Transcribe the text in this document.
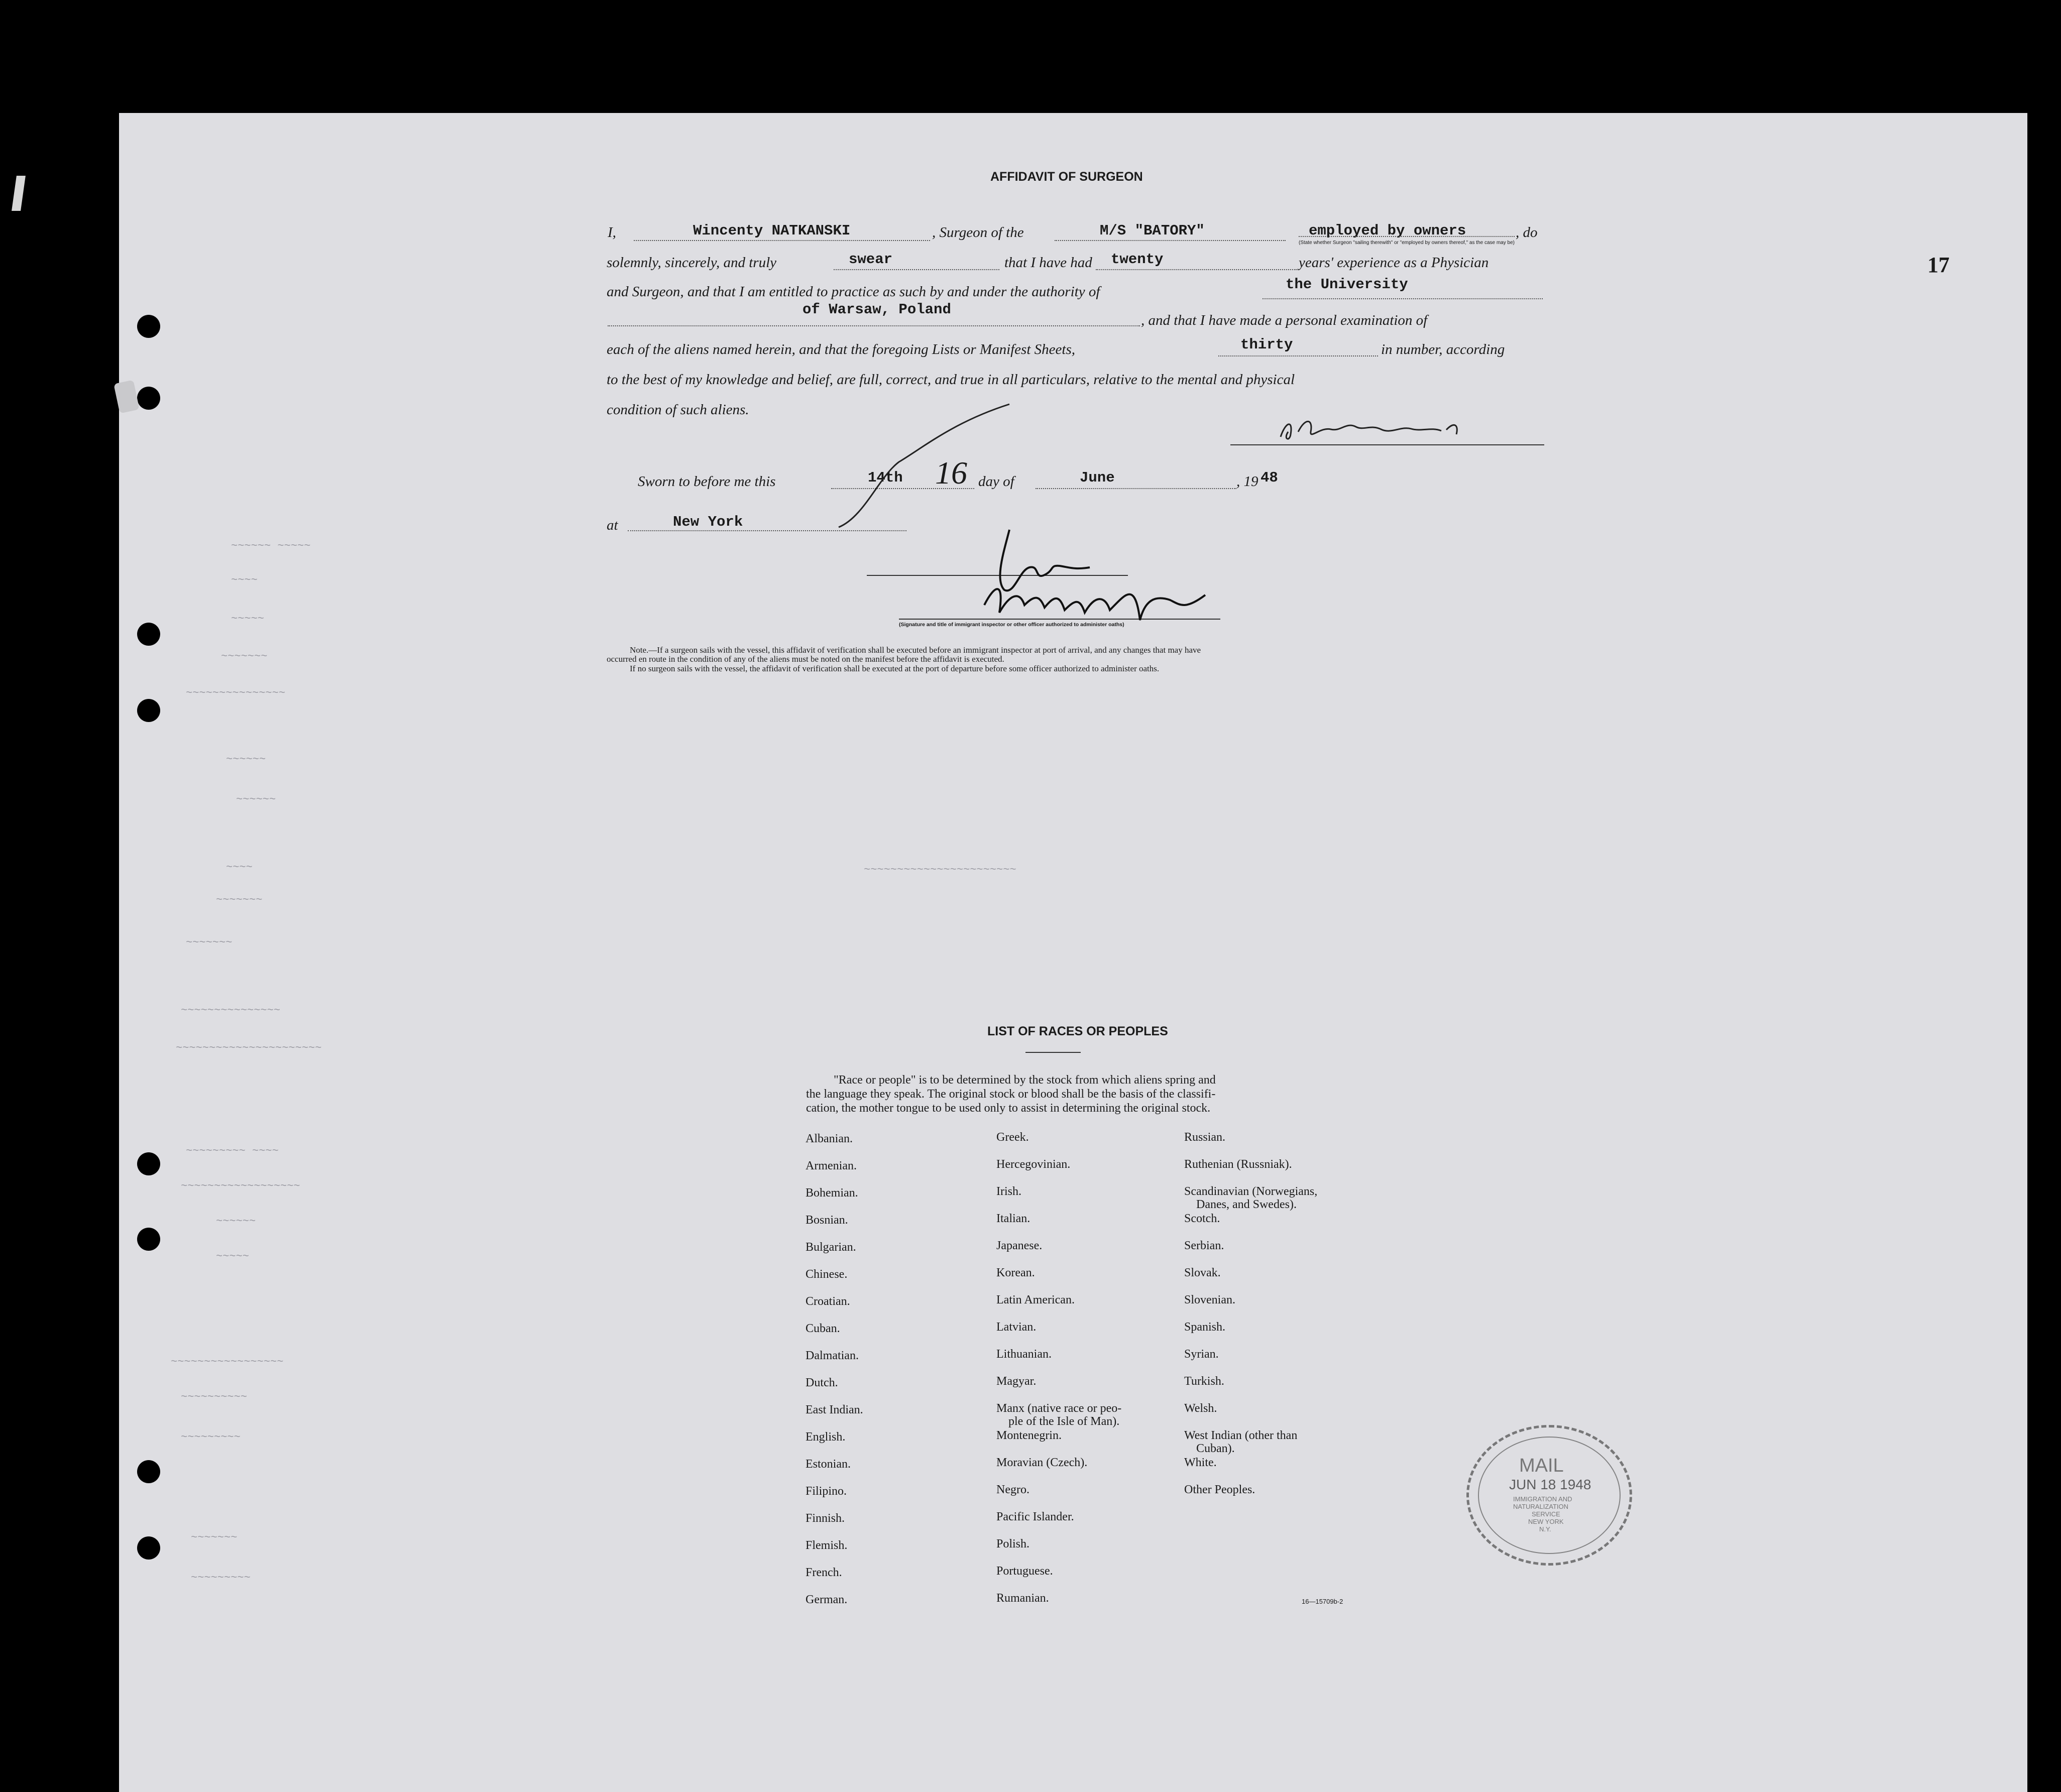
~~~~~~ ~~~~~
~~~~
~~~~~
~~~~~~~
~~~~~~~~~~~~~~~
~~~~~~
~~~~~~
~~~~
~~~~~~~
~~~~~~~
~~~~~~~~~~~~~~~
~~~~~~~~~~~~~~~~~~~~~~
~~~~~~~~~ ~~~~
~~~~~~~~~~~~~~~~~~
~~~~~~
~~~~~
~~~~~~~~~~~~~~~~~
~~~~~~~~~~
~~~~~~~~~
~~~~~~~
~~~~~~~~~
~~~~~~~~~~~~~~~~~~~~~~~
17
AFFIDAVIT OF SURGEON
I,	Wincenty NATKANSKI	, Surgeon of the	M/S "BATORY"	employed by owners
(State whether Surgeon "sailing therewith" or "employed by owners thereof," as the case may be)
, do
solemnly, sincerely, and truly	swear	that I have had twenty	years' experience as a Physician
and Surgeon, and that I am entitled to practice as such by and under the authority of	the University
of Warsaw, Poland
, and that I have made a personal examination of
each of the aliens named herein, and that the foregoing Lists or Manifest Sheets,	thirty	in number, according
to the best of my knowledge and belief, are full, correct, and true in all particulars, relative to the mental and physical
condition of such aliens.
Sworn to before me this	14th 16 day of	June	, 19 48
at	New York
(Signature and title of immigrant inspector or other officer authorized to administer oaths)
Note.—If a surgeon sails with the vessel, this affidavit of verification shall be executed before an immigrant inspector at port of arrival, and any changes that may have
occurred en route in the condition of any of the aliens must be noted on the manifest before the affidavit is executed.
If no surgeon sails with the vessel, the affidavit of verification shall be executed at the port of departure before some officer authorized to administer oaths.
LIST OF RACES OR PEOPLES
"Race or people" is to be determined by the stock from which aliens spring and
the language they speak. The original stock or blood shall be the basis of the classifi-
cation, the mother tongue to be used only to assist in determining the original stock.
Albanian.
Armenian.
Bohemian.
Bosnian.
Bulgarian.
Chinese.
Croatian.
Cuban.
Dalmatian.
Dutch.
East Indian.
English.
Estonian.
Filipino.
Finnish.
Flemish.
French.
German.
Greek.
Hercegovinian.
Irish.
Italian.
Japanese.
Korean.
Latin American.
Latvian.
Lithuanian.
Magyar.
Manx (native race or peo-
ple of the Isle of Man).
Montenegrin.
Moravian (Czech).
Negro.
Pacific Islander.
Polish.
Portuguese.
Rumanian.
Russian.
Ruthenian (Russniak).
Scandinavian (Norwegians,
Danes, and Swedes).
Scotch.
Serbian.
Slovak.
Slovenian.
Spanish.
Syrian.
Turkish.
Welsh.
West Indian (other than
Cuban).
White.
Other Peoples.
16—15709b-2
MAIL
JUN 18 1948
IMMIGRATION AND
NATURALIZATION
SERVICE
NEW YORK
N.Y.
